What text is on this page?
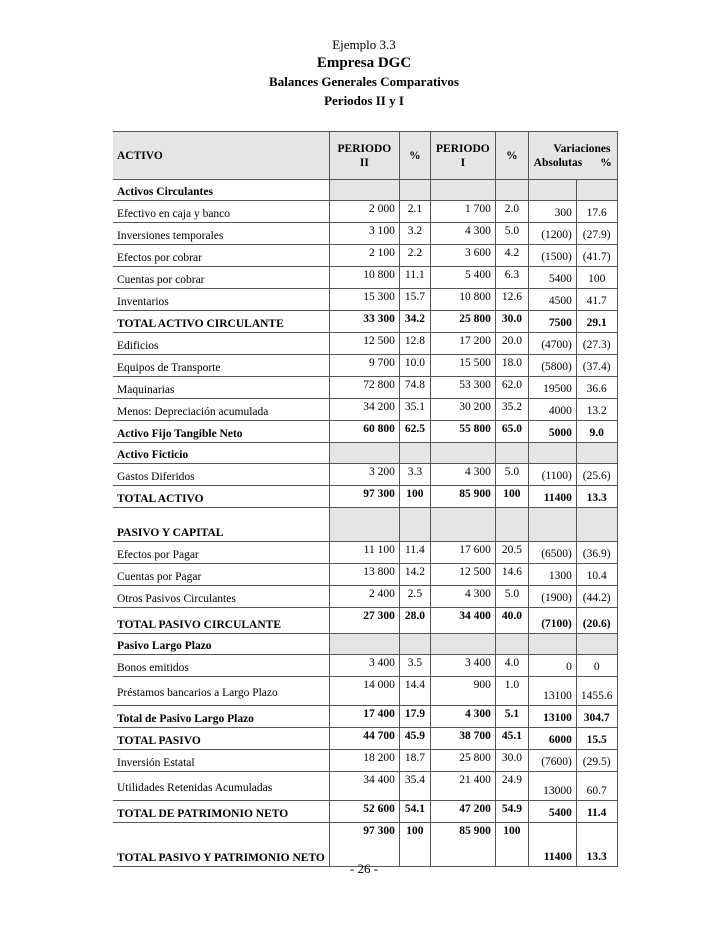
Ejemplo 3.3
Empresa DGC
Balances Generales Comparativos
Periodos II y I
ACTIVO	PERIODO II	%	PERIODO I	%	Variaciones
Absolutas %	

Activos Circulantes						
Efectivo en caja y banco	2 000	2.1	1 700	2.0	300	17.6
Inversiones temporales	3 100	3.2	4 300	5.0	(1200)	(27.9)
Efectos por cobrar	2 100	2.2	3 600	4.2	(1500)	(41.7)
Cuentas por cobrar	10 800	11.1	5 400	6.3	5400	100
Inventarios	15 300	15.7	10 800	12.6	4500	41.7
TOTAL ACTIVO CIRCULANTE	33 300	34.2	25 800	30.0	7500	29.1
Edificios	12 500	12.8	17 200	20.0	(4700)	(27.3)
Equipos de Transporte	9 700	10.0	15 500	18.0	(5800)	(37.4)
Maquinarias	72 800	74.8	53 300	62.0	19500	36.6
Menos: Depreciación acumulada	34 200	35.1	30 200	35.2	4000	13.2
Activo Fijo Tangible Neto	60 800	62.5	55 800	65.0	5000	9.0
Activo Ficticio						
Gastos Diferidos	3 200	3.3	4 300	5.0	(1100)	(25.6)
TOTAL ACTIVO	97 300	100	85 900	100	11400	13.3
PASIVO Y CAPITAL						
Efectos por Pagar	11 100	11.4	17 600	20.5	(6500)	(36.9)
Cuentas por Pagar	13 800	14.2	12 500	14.6	1300	10.4
Otros Pasivos Circulantes	2 400	2.5	4 300	5.0	(1900)	(44.2)
TOTAL PASIVO CIRCULANTE	27 300	28.0	34 400	40.0	(7100)	(20.6)
Pasivo Largo Plazo						
Bonos emitidos	3 400	3.5	3 400	4.0	0	0
Préstamos bancarios a Largo Plazo	14 000	14.4	900	1.0	13100	1455.6
Total de Pasivo Largo Plazo	17 400	17.9	4 300	5.1	13100	304.7
TOTAL PASIVO	44 700	45.9	38 700	45.1	6000	15.5
Inversión Estatal	18 200	18.7	25 800	30.0	(7600)	(29.5)
Utilidades Retenidas Acumuladas	34 400	35.4	21 400	24.9	13000	60.7
TOTAL DE PATRIMONIO NETO	52 600	54.1	47 200	54.9	5400	11.4
TOTAL PASIVO Y PATRIMONIO NETO	97 300	100	85 900	100	11400	13.3
- 26 -
